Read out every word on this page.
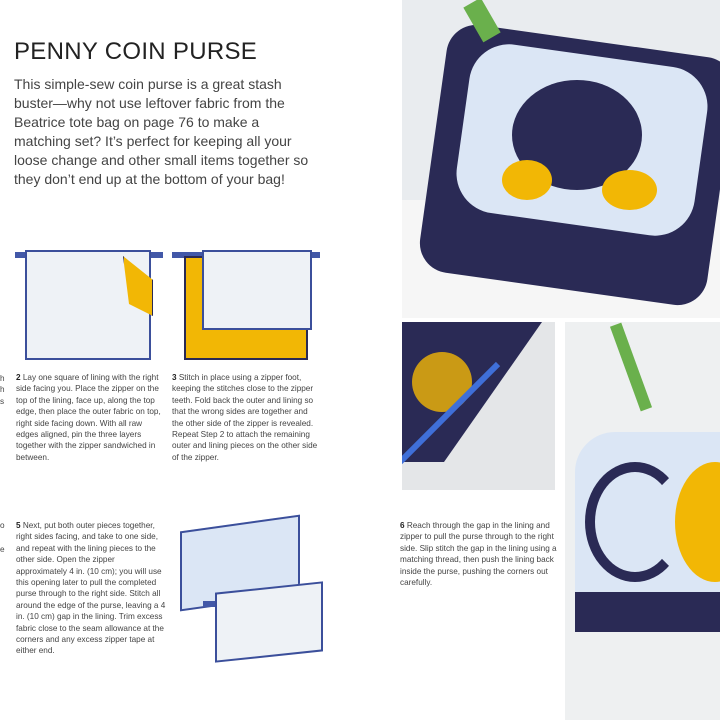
PENNY COIN PURSE
This simple-sew coin purse is a great stash buster—why not use leftover fabric from the Beatrice tote bag on page 76 to make a matching set? It’s perfect for keeping all your loose change and other small items together so they don’t end up at the bottom of your bag!
h
h
s
o
e
2 Lay one square of lining with the right side facing you. Place the zipper on the top of the lining, face up, along the top edge, then place the outer fabric on top, right side facing down. With all raw edges aligned, pin the three layers together with the zipper sandwiched in between.
3 Stitch in place using a zipper foot, keeping the stitches close to the zipper teeth. Fold back the outer and lining so that the wrong sides are together and the other side of the zipper is revealed. Repeat Step 2 to attach the remaining outer and lining pieces on the other side of the zipper.
5 Next, put both outer pieces together, right sides facing, and take to one side, and repeat with the lining pieces to the other side. Open the zipper approximately 4 in. (10 cm); you will use this opening later to pull the completed purse through to the right side. Stitch all around the edge of the purse, leaving a 4 in. (10 cm) gap in the lining. Trim excess fabric close to the seam allowance at the corners and any excess zipper tape at either end.
6 Reach through the gap in the lining and zipper to pull the purse through to the right side. Slip stitch the gap in the lining using a matching thread, then push the lining back inside the purse, pushing the corners out carefully.
